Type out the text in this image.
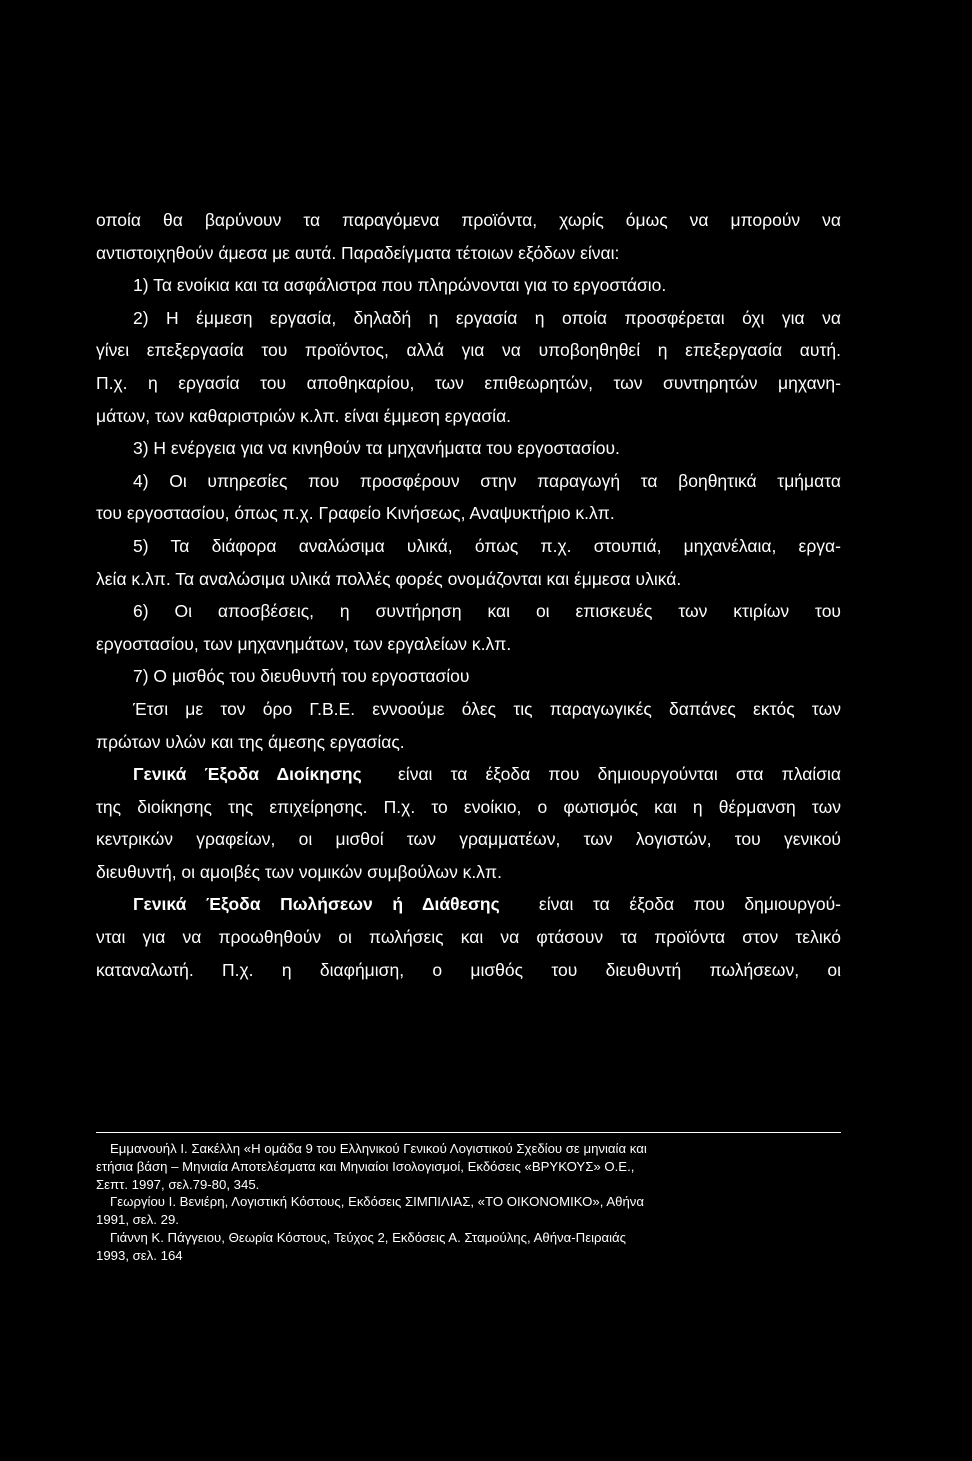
οποία θα βαρύνουν τα παραγόμενα προϊόντα, χωρίς όμως να μπορούν να
αντιστοιχηθούν άμεσα με αυτά. Παραδείγματα τέτοιων εξόδων είναι:
1) Τα ενοίκια και τα ασφάλιστρα που πληρώνονται για το εργοστάσιο.
2) Η έμμεση εργασία, δηλαδή η εργασία η οποία προσφέρεται όχι για να
γίνει επεξεργασία του προϊόντος, αλλά για να υποβοηθηθεί η επεξεργασία αυτή.
Π.χ. η εργασία του αποθηκαρίου, των επιθεωρητών, των συντηρητών μηχανη-
μάτων, των καθαριστριών κ.λπ. είναι έμμεση εργασία.
3) Η ενέργεια για να κινηθούν τα μηχανήματα του εργοστασίου.
4) Οι υπηρεσίες που προσφέρουν στην παραγωγή τα βοηθητικά τμήματα
του εργοστασίου, όπως π.χ. Γραφείο Κινήσεως, Αναψυκτήριο κ.λπ.
5) Τα διάφορα αναλώσιμα υλικά, όπως π.χ. στουπιά, μηχανέλαια, εργα-
λεία κ.λπ. Τα αναλώσιμα υλικά πολλές φορές ονομάζονται και έμμεσα υλικά.
6) Οι αποσβέσεις, η συντήρηση και οι επισκευές των κτιρίων του
εργοστασίου, των μηχανημάτων, των εργαλείων κ.λπ.
7) Ο μισθός του διευθυντή του εργοστασίου
Έτσι με τον όρο Γ.Β.Ε. εννοούμε όλες τις παραγωγικές δαπάνες εκτός των
πρώτων υλών και της άμεσης εργασίας.
Γενικά Έξοδα Διοίκησης είναι τα έξοδα που δημιουργούνται στα πλαίσια
της διοίκησης της επιχείρησης. Π.χ. το ενοίκιο, ο φωτισμός και η θέρμανση των
κεντρικών γραφείων, οι μισθοί των γραμματέων, των λογιστών, του γενικού
διευθυντή, οι αμοιβές των νομικών συμβούλων κ.λπ.
Γενικά Έξοδα Πωλήσεων ή Διάθεσης είναι τα έξοδα που δημιουργού-
νται για να προωθηθούν οι πωλήσεις και να φτάσουν τα προϊόντα στον τελικό
καταναλωτή. Π.χ. η διαφήμιση, ο μισθός του διευθυντή πωλήσεων, οι
Εμμανουήλ Ι. Σακέλλη «Η ομάδα 9 του Ελληνικού Γενικού Λογιστικού Σχεδίου σε μηνιαία και
ετήσια βάση – Μηνιαία Αποτελέσματα και Μηνιαίοι Ισολογισμοί, Εκδόσεις «ΒΡΥΚΟΥΣ» Ο.Ε.,
Σεπτ. 1997, σελ.79-80, 345.
Γεωργίου Ι. Βενιέρη, Λογιστική Κόστους, Εκδόσεις ΣΙΜΠΙΛΙΑΣ, «ΤΟ ΟΙΚΟΝΟΜΙΚΟ», Αθήνα
1991, σελ. 29.
Γιάννη Κ. Πάγγειου, Θεωρία Κόστους, Τεύχος 2, Εκδόσεις Α. Σταμούλης, Αθήνα-Πειραιάς
1993, σελ. 164
